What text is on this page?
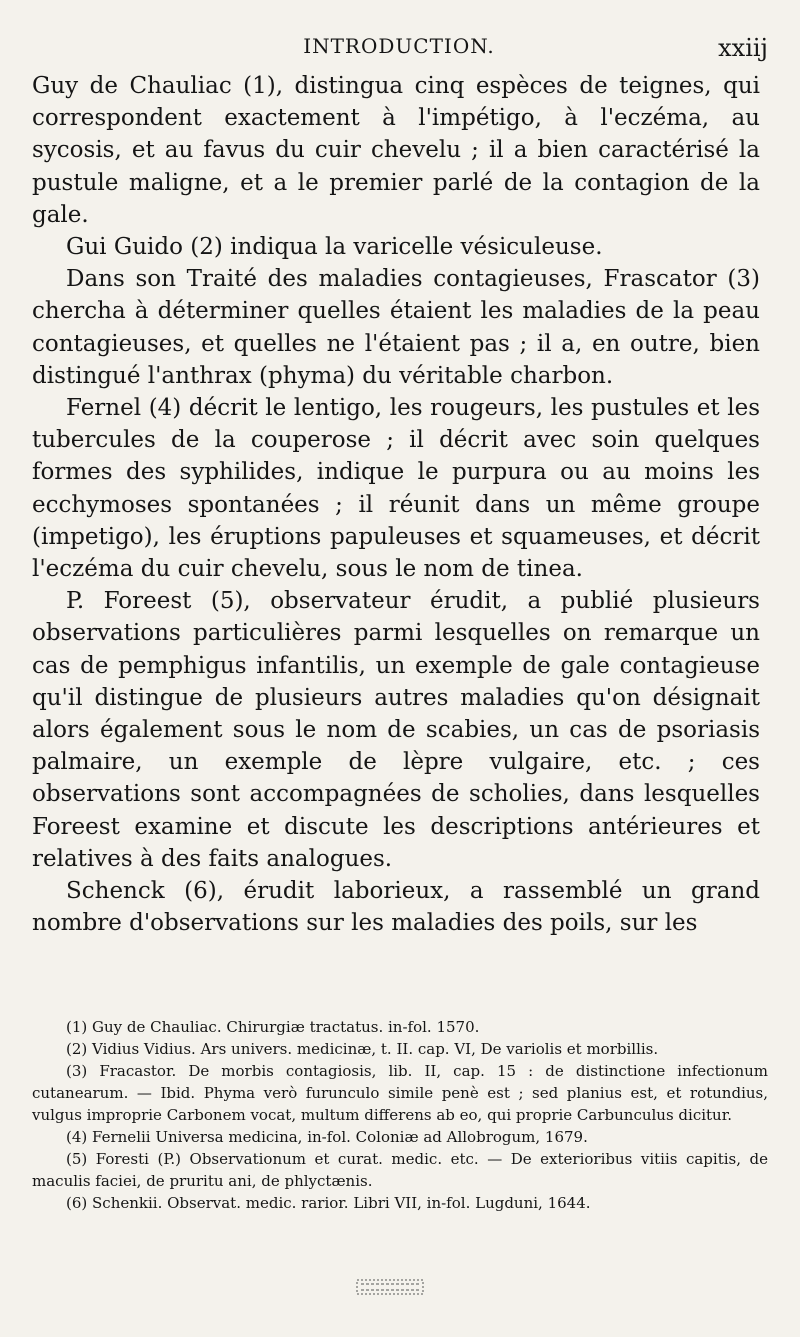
INTRODUCTION.	xxiij

Guy de Chauliac (1), distingua cinq espèces de teignes, qui correspondent exactement à l'impétigo, à l'eczéma, au sycosis, et au favus du cuir chevelu ; il a bien caractérisé la pustule maligne, et a le premier parlé de la contagion de la gale.

Gui Guido (2) indiqua la varicelle vésiculeuse.

Dans son Traité des maladies contagieuses, Frascator (3) chercha à déterminer quelles étaient les maladies de la peau contagieuses, et quelles ne l'étaient pas ; il a, en outre, bien distingué l'anthrax (phyma) du véritable charbon.

Fernel (4) décrit le lentigo, les rougeurs, les pustules et les tubercules de la couperose ; il décrit avec soin quelques formes des syphilides, indique le purpura ou au moins les ecchymoses spontanées ; il réunit dans un même groupe (impetigo), les éruptions papuleuses et squameuses, et décrit l'eczéma du cuir chevelu, sous le nom de tinea.

P. Foreest (5), observateur érudit, a publié plusieurs observations particulières parmi lesquelles on remarque un cas de pemphigus infantilis, un exemple de gale contagieuse qu'il distingue de plusieurs autres maladies qu'on désignait alors également sous le nom de scabies, un cas de psoriasis palmaire, un exemple de lèpre vulgaire, etc. ; ces observations sont accompagnées de scholies, dans lesquelles Foreest examine et discute les descriptions antérieures et relatives à des faits analogues.

Schenck (6), érudit laborieux, a rassemblé un grand nombre d'observations sur les maladies des poils, sur les

(1) Guy de Chauliac. Chirurgiæ tractatus. in-fol. 1570.

(2) Vidius Vidius. Ars univers. medicinæ, t. II. cap. VI, De variolis et morbillis.

(3) Fracastor. De morbis contagiosis, lib. II, cap. 15 : de distinctione infectionum cutanearum. — Ibid. Phyma verò furunculo simile penè est ; sed planius est, et rotundius, vulgus improprie Carbonem vocat, multum differens ab eo, qui proprie Carbunculus dicitur.

(4) Fernelii Universa medicina, in-fol. Coloniæ ad Allobrogum, 1679.

(5) Foresti (P.) Observationum et curat. medic. etc. — De exterioribus vitiis capitis, de maculis faciei, de pruritu ani, de phlyctænis.

(6) Schenkii. Observat. medic. rarior. Libri VII, in-fol. Lugduni, 1644.
